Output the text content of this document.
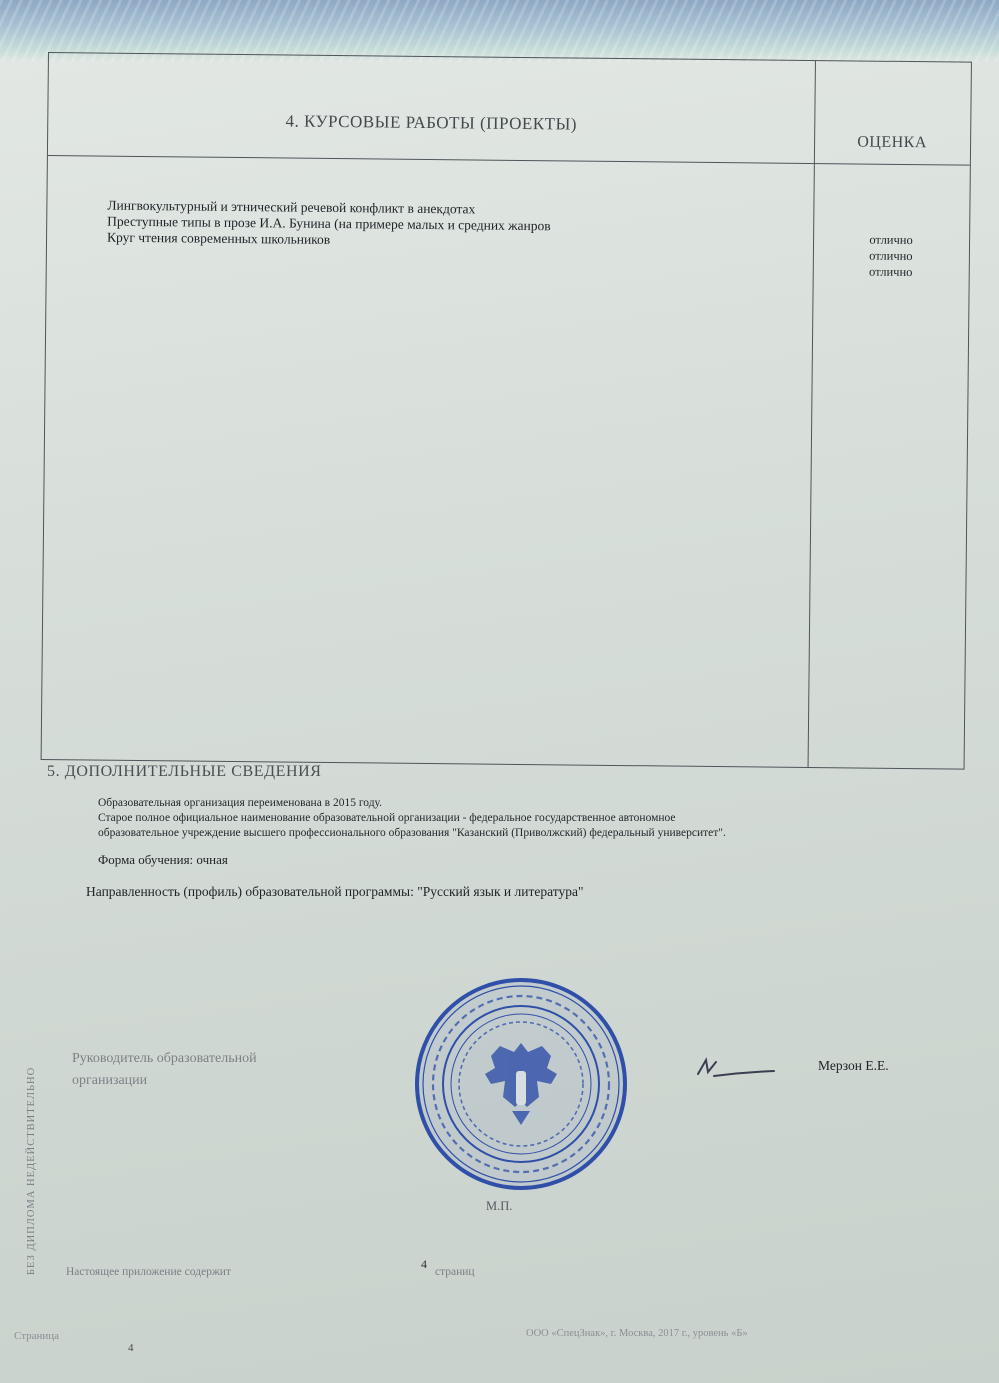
4. КУРСОВЫЕ РАБОТЫ (ПРОЕКТЫ)
ОЦЕНКА
Лингвокультурный и этнический речевой конфликт в анекдотах
Преступные типы в прозе И.А. Бунина (на примере малых и средних жанров
Круг чтения современных школьников	отлично
отлично
отлично
5. ДОПОЛНИТЕЛЬНЫЕ СВЕДЕНИЯ
Образовательная организация переименована в 2015 году.
Старое полное официальное наименование образовательной организации - федеральное государственное автономное
образовательное учреждение высшего профессионального образования "Казанский (Приволжский) федеральный университет".
Форма обучения: очная
Направленность (профиль) образовательной программы: "Русский язык и литература"
Руководитель образовательной
организации
Мерзон Е.Е.
М.П.
БЕЗ ДИПЛОМА НЕДЕЙСТВИТЕЛЬНО	Настоящее приложение содержит
4
страниц
Страница
4
ООО «СпецЗнак», г. Москва, 2017 г., уровень «Б»
